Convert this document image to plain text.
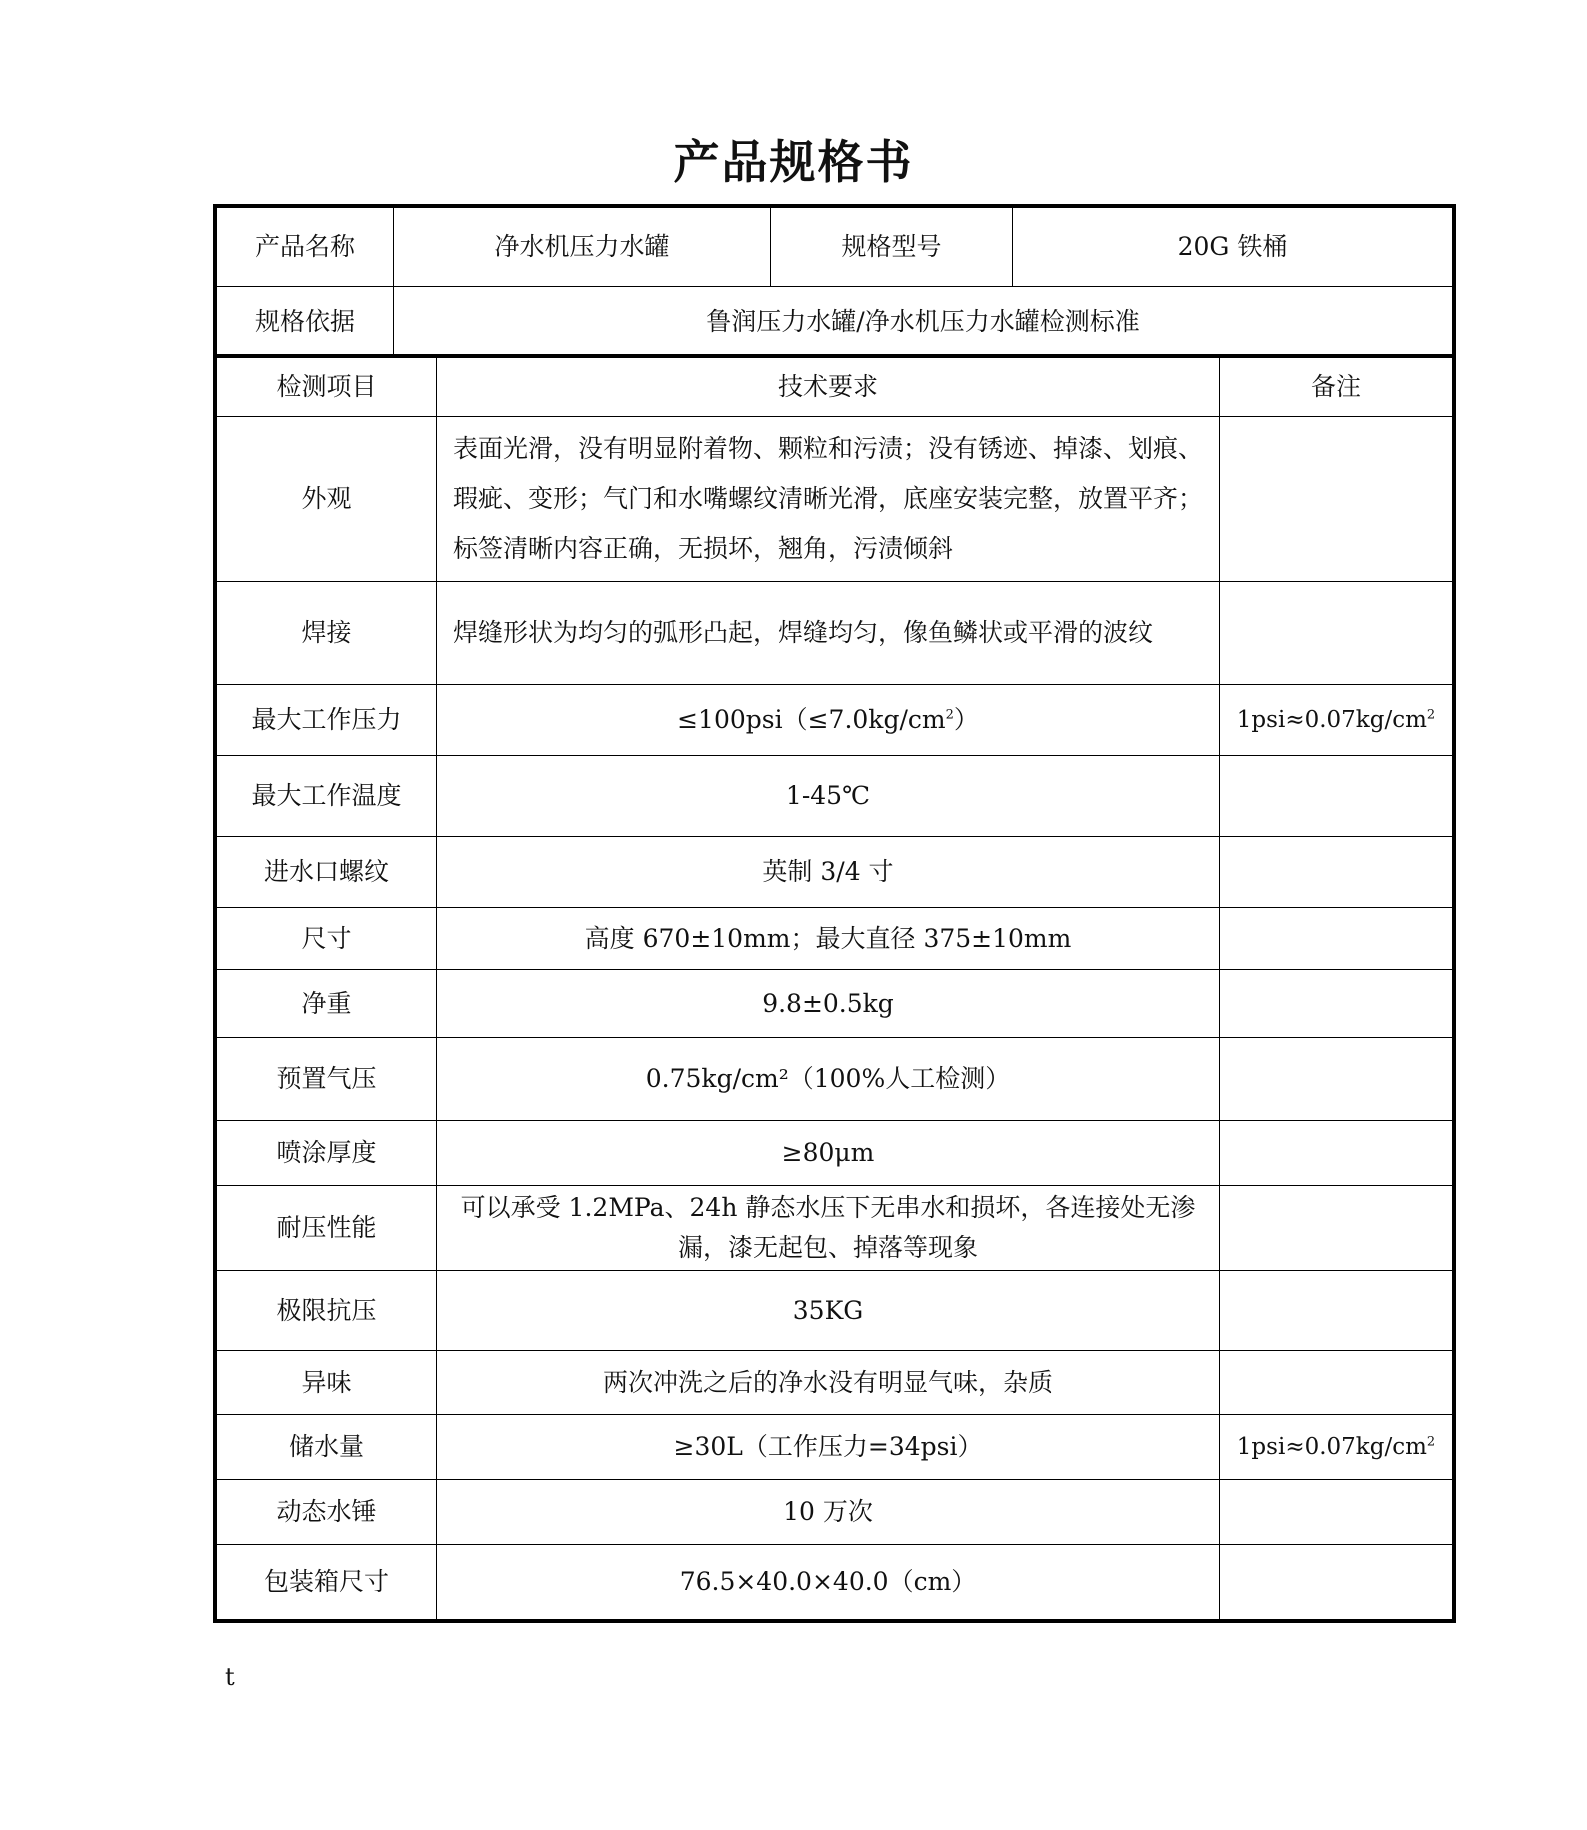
产品规格书
产品名称	净水机压力水罐	规格型号	20G 铁桶
规格依据	鲁润压力水罐/净水机压力水罐检测标准		
检测项目	技术要求	备注
外观	表面光滑，没有明显附着物、颗粒和污渍；没有锈迹、掉漆、划痕、瑕疵、变形；气门和水嘴螺纹清晰光滑，底座安装完整，放置平齐；标签清晰内容正确，无损坏，翘角，污渍倾斜	
焊接	焊缝形状为均匀的弧形凸起，焊缝均匀，像鱼鳞状或平滑的波纹	
最大工作压力	$\le 100psi(\le 7.0kg/cm^2)$	$1psi\approx 0.07kg/cm^2$
最大工作温度	1-45℃	
进水口螺纹	英制 3/4 寸	
尺寸	高度 670±10mm；最大直径 375±10mm	
净重	9.8±0.5kg	
预置气压	0.75kg/cm²（100%人工检测）	
喷涂厚度	≥80μm	
耐压性能	可以承受 1.2MPa、24h 静态水压下无串水和损坏，各连接处无渗漏，漆无起包、掉落等现象	
极限抗压	35KG	
异味	两次冲洗之后的净水没有明显气味，杂质	
储水量	≥30L（工作压力=34psi）	$1psi\approx 0.07kg/cm^2$
动态水锤	10 万次	
包装箱尺寸	76.5×40.0×40.0（cm）	
t
